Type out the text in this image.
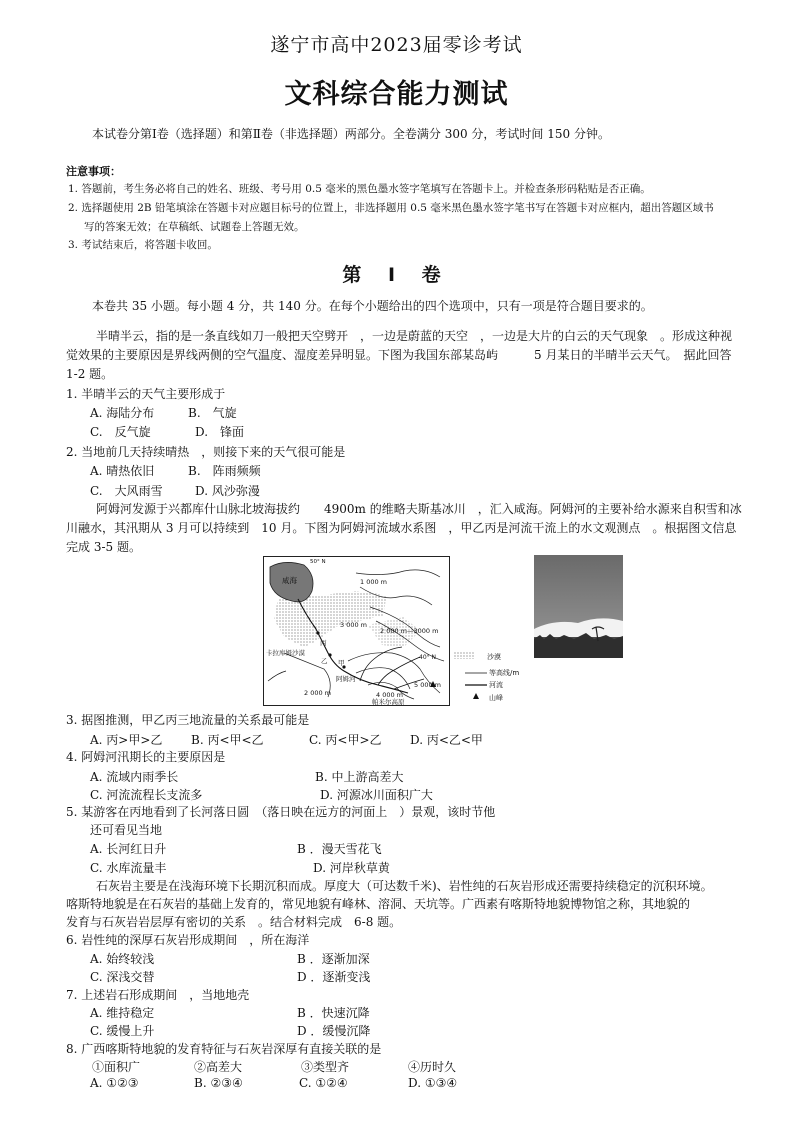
遂宁市高中2023届零诊考试
文科综合能力测试
本试卷分第Ⅰ卷（选择题）和第Ⅱ卷（非选择题）两部分。全卷满分 300 分，考试时间 150 分钟。
注意事项：
1. 答题前，考生务必将自己的姓名、班级、考号用 0.5 毫米的黑色墨水签字笔填写在答题卡上。并检查条形码粘贴是否正确。
2. 选择题使用 2B 铅笔填涂在答题卡对应题目标号的位置上，非选择题用 0.5 毫米黑色墨水签字笔书写在答题卡对应框内，超出答题区域书
写的答案无效；在草稿纸、试题卷上答题无效。
3. 考试结束后，将答题卡收回。
第 Ⅰ 卷
本卷共 35 小题。每小题 4 分，共 140 分。在每个小题给出的四个选项中，只有一项是符合题目要求的。
半晴半云，指的是一条直线如刀一般把天空劈开　，一边是蔚蓝的天空　，一边是大片的白云的天气现象　。形成这种视
觉效果的主要原因是界线两侧的空气温度、湿度差异明显。下图为我国东部某岛屿　　　5 月某日的半晴半云天气。　据此回答
1-2 题。
1. 半晴半云的天气主要形成于
A. 海陆分布	B.　气旋
C.　反气旋	D.　锋面
2. 当地前几天持续晴热　，则接下来的天气很可能是
A. 晴热依旧	B.　阵雨频频
C.　大风雨雪	D. 风沙弥漫
阿姆河发源于兴都库什山脉北坡海拔约　　4900m 的维略夫斯基冰川　，汇入咸海。阿姆河的主要补给水源来自积雪和冰
川融水，其汛期从 3 月可以持续到　10 月。下图为阿姆河流域水系图　，甲乙丙是河流干流上的水文观测点　。根据图文信息
完成 3-5 题。
50° N
咸海	1 000 m
3 000 m
2 000 m—3000 m
丙
卡拉库姆沙漠
乙 甲
阿姆河
2 000 m
40° N
5 000 m
4 000 m
帕米尔高原
沙漠
等高线/m
河流
山峰
3. 据图推测，甲乙丙三地流量的关系最可能是
A. 丙>甲>乙 B. 丙<甲<乙	C. 丙<甲>乙 D. 丙<乙<甲
4. 阿姆河汛期长的主要原因是
A. 流域内雨季长	B. 中上游高差大
C. 河流流程长支流多	D. 河源冰川面积广大
5. 某游客在丙地看到了长河落日圆　（落日映在远方的河面上　）景观，该时节他
还可看见当地
A. 长河红日升	B ．漫天雪花飞
C. 水库流量丰	D. 河岸秋草黄
石灰岩主要是在浅海环境下长期沉积而成。厚度大（可达数千米)、岩性纯的石灰岩形成还需要持续稳定的沉积环境。
喀斯特地貌是在石灰岩的基础上发育的，常见地貌有峰林、溶洞、天坑等。广西素有喀斯特地貌博物馆之称，其地貌的
发育与石灰岩岩层厚有密切的关系　。结合材料完成　6-8 题。
6. 岩性纯的深厚石灰岩形成期间　，所在海洋
A. 始终较浅	B ．逐渐加深
C. 深浅交替	D ．逐渐变浅
7. 上述岩石形成期间　，当地地壳
A. 维持稳定	B ．快速沉降
C. 缓慢上升	D ．缓慢沉降
8. 广西喀斯特地貌的发育特征与石灰岩深厚有直接关联的是
①面积广	②高差大	③类型齐	④历时久
A. ①②③	B. ②③④	C. ①②④	D. ①③④
